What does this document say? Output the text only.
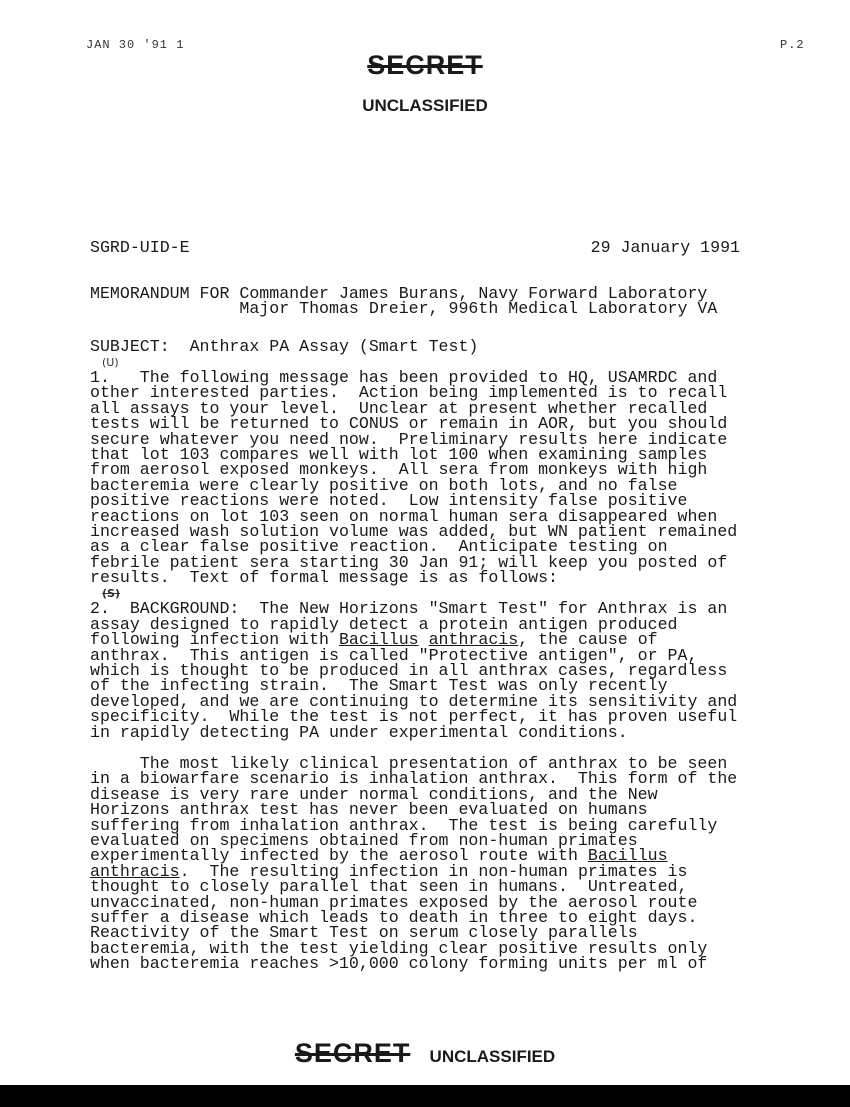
JAN 30 '91 1	P.2
SECRET
UNCLASSIFIED
SGRD-UID-E	29 January 1991
MEMORANDUM FOR Commander James Burans, Navy Forward Laboratory
Major Thomas Dreier, 996th Medical Laboratory VA
SUBJECT:  Anthrax PA Assay (Smart Test)
(U)
1.   The following message has been provided to HQ, USAMRDC and
other interested parties.  Action being implemented is to recall
all assays to your level.  Unclear at present whether recalled
tests will be returned to CONUS or remain in AOR, but you should
secure whatever you need now.  Preliminary results here indicate
that lot 103 compares well with lot 100 when examining samples
from aerosol exposed monkeys.  All sera from monkeys with high
bacteremia were clearly positive on both lots, and no false
positive reactions were noted.  Low intensity false positive
reactions on lot 103 seen on normal human sera disappeared when
increased wash solution volume was added, but WN patient remained
as a clear false positive reaction.  Anticipate testing on
febrile patient sera starting 30 Jan 91; will keep you posted of
results.  Text of formal message is as follows:
(S)
2.  BACKGROUND:  The New Horizons "Smart Test" for Anthrax is an
assay designed to rapidly detect a protein antigen produced
following infection with Bacillus anthracis, the cause of
anthrax.  This antigen is called "Protective antigen", or PA,
which is thought to be produced in all anthrax cases, regardless
of the infecting strain.  The Smart Test was only recently
developed, and we are continuing to determine its sensitivity and
specificity.  While the test is not perfect, it has proven useful
in rapidly detecting PA under experimental conditions.
The most likely clinical presentation of anthrax to be seen
in a biowarfare scenario is inhalation anthrax.  This form of the
disease is very rare under normal conditions, and the New
Horizons anthrax test has never been evaluated on humans
suffering from inhalation anthrax.  The test is being carefully
evaluated on specimens obtained from non-human primates
experimentally infected by the aerosol route with Bacillus
anthracis.  The resulting infection in non-human primates is
thought to closely parallel that seen in humans.  Untreated,
unvaccinated, non-human primates exposed by the aerosol route
suffer a disease which leads to death in three to eight days.
Reactivity of the Smart Test on serum closely parallels
bacteremia, with the test yielding clear positive results only
when bacteremia reaches >10,000 colony forming units per ml of
SECRET UNCLASSIFIED
